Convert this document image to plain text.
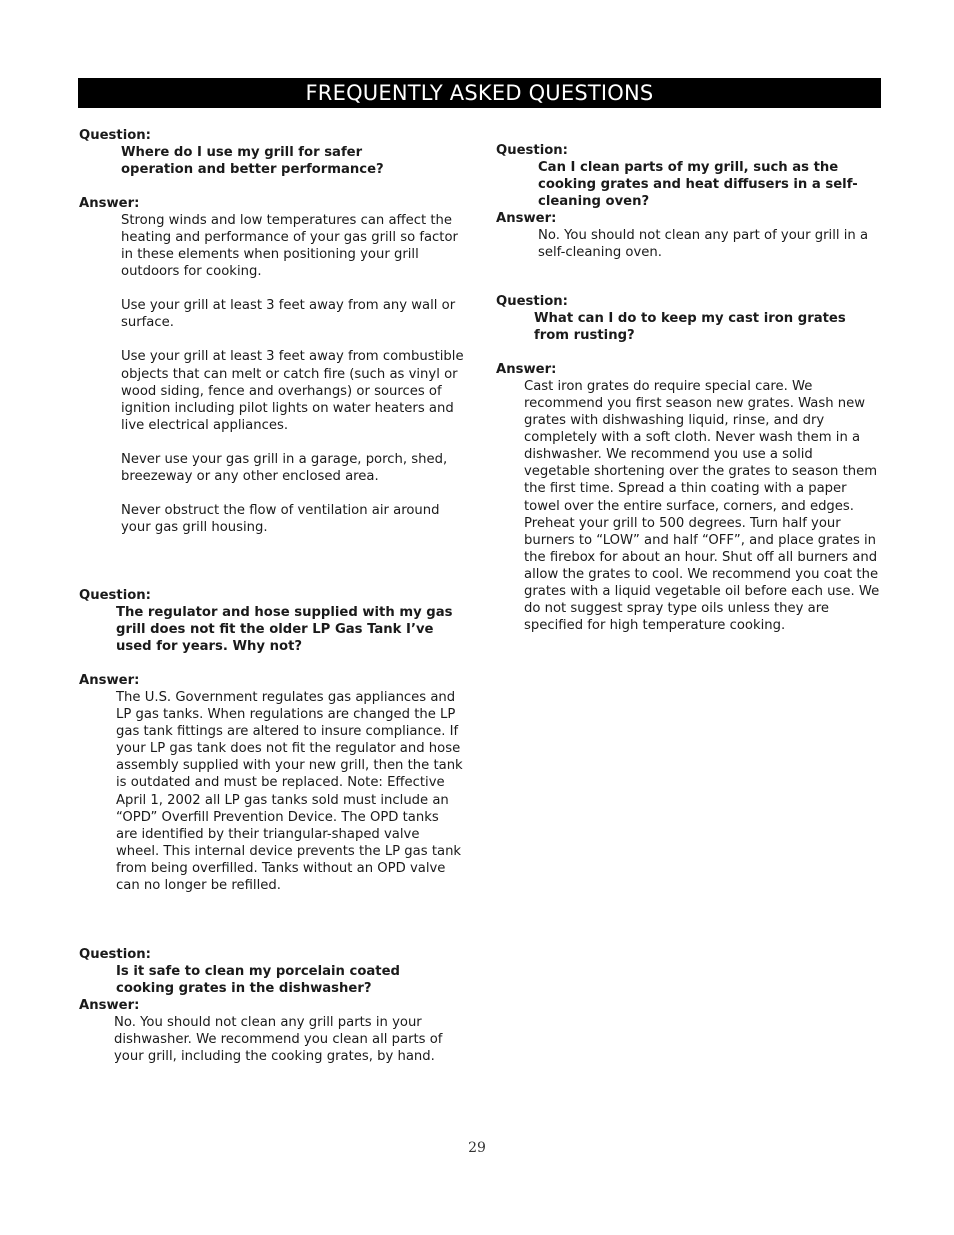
FREQUENTLY ASKED QUESTIONS
Question:
Where do I use my grill for safer operation and better performance?
Answer:

Strong winds and low temperatures can affect the heating and performance of your gas grill so factor in these elements when positioning your grill outdoors for cooking.

Use your grill at least 3 feet away from any wall or surface.

Use your grill at least 3 feet away from combustible objects that can melt or catch fire (such as vinyl or wood siding, fence and overhangs) or sources of ignition including pilot lights on water heaters and live electrical appliances.

Never use your gas grill in a garage, porch, shed, breezeway or any other enclosed area.

Never obstruct the flow of ventilation air around your gas grill housing.

Question:
The regulator and hose supplied with my gas grill does not fit the older LP Gas Tank I’ve used for years. Why not?
Answer:

The U.S. Government regulates gas appliances and LP gas tanks. When regulations are changed the LP gas tank fittings are altered to insure compliance. If your LP gas tank does not fit the regulator and hose assembly supplied with your new grill, then the tank is outdated and must be replaced. Note: Effective April 1, 2002 all LP gas tanks sold must include an “OPD” Overfill Prevention Device. The OPD tanks are identified by their triangular-shaped valve wheel. This internal device prevents the LP gas tank from being overfilled. Tanks without an OPD valve can no longer be refilled.

Question:
Is it safe to clean my porcelain coated cooking grates in the dishwasher?
Answer:

No. You should not clean any grill parts in your dishwasher. We recommend you clean all parts of your grill, including the cooking grates, by hand.

Question:
Can I clean parts of my grill, such as the cooking grates and heat diffusers in a self-cleaning oven?
Answer:

No. You should not clean any part of your grill in a self-cleaning oven.

Question:
What can I do to keep my cast iron grates from rusting?
Answer:

Cast iron grates do require special care. We recommend you first season new grates. Wash new grates with dishwashing liquid, rinse, and dry completely with a soft cloth. Never wash them in a dishwasher. We recommend you use a solid vegetable shortening over the grates to season them the first time. Spread a thin coating with a paper towel over the entire surface, corners, and edges. Preheat your grill to 500 degrees. Turn half your burners to “LOW” and half “OFF”, and place grates in the firebox for about an hour. Shut off all burners and allow the grates to cool. We recommend you coat the grates with a liquid vegetable oil before each use. We do not suggest spray type oils unless they are specified for high temperature cooking.

29
